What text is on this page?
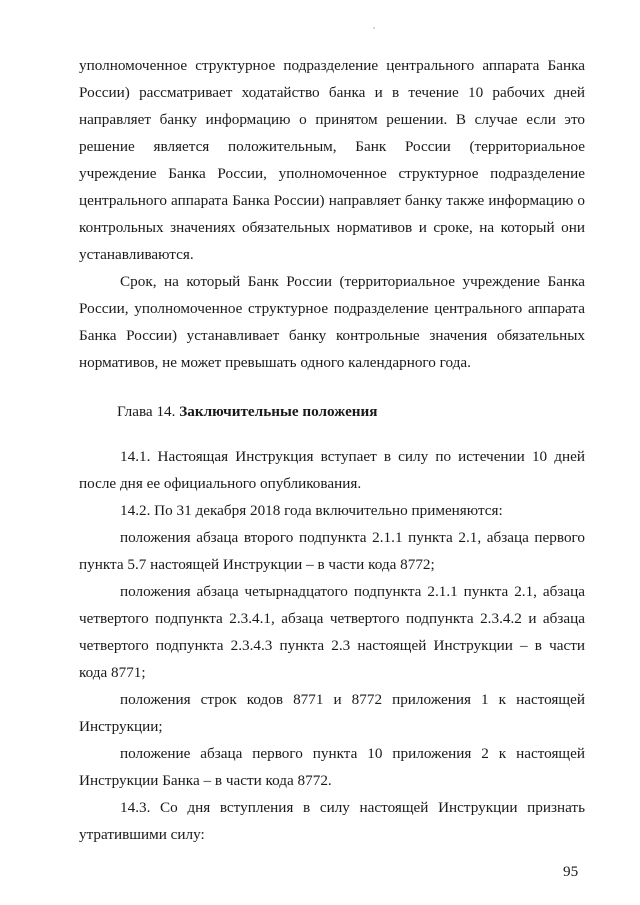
уполномоченное структурное подразделение центрального аппарата Банка России) рассматривает ходатайство банка и в течение 10 рабочих дней направляет банку информацию о принятом решении. В случае если это решение является положительным, Банк России (территориальное учреждение Банка России, уполномоченное структурное подразделение центрального аппарата Банка России) направляет банку также информацию о контрольных значениях обязательных нормативов и сроке, на который они устанавливаются.

Срок, на который Банк России (территориальное учреждение Банка России, уполномоченное структурное подразделение центрального аппарата Банка России) устанавливает банку контрольные значения обязательных нормативов, не может превышать одного календарного года.

Глава 14. Заключительные положения

14.1. Настоящая Инструкция вступает в силу по истечении 10 дней после дня ее официального опубликования.

14.2. По 31 декабря 2018 года включительно применяются:

положения абзаца второго подпункта 2.1.1 пункта 2.1, абзаца первого пункта 5.7 настоящей Инструкции – в части кода 8772;

положения абзаца четырнадцатого подпункта 2.1.1 пункта 2.1, абзаца четвертого подпункта 2.3.4.1, абзаца четвертого подпункта 2.3.4.2 и абзаца четвертого подпункта 2.3.4.3 пункта 2.3 настоящей Инструкции – в части кода 8771;

положения строк кодов 8771 и 8772 приложения 1 к настоящей Инструкции;

положение абзаца первого пункта 10 приложения 2 к настоящей Инструкции Банка – в части кода 8772.

14.3. Со дня вступления в силу настоящей Инструкции признать утратившими силу:

95
